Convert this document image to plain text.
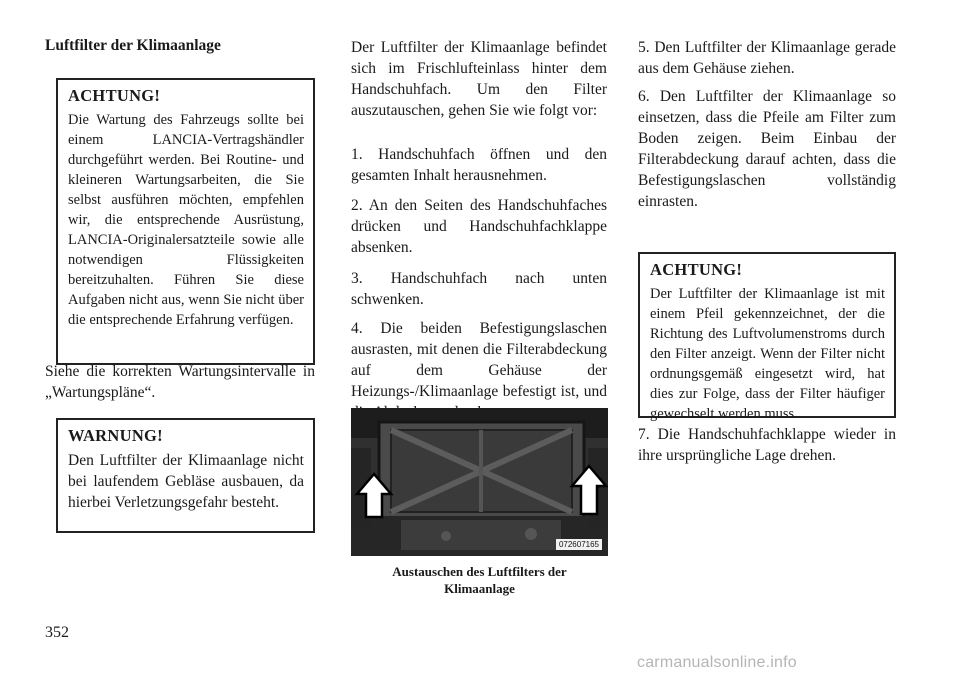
Luftfilter der Klimaanlage
ACHTUNG!

Die Wartung des Fahrzeugs sollte bei einem LANCIA-Vertragshändler durchgeführt werden. Bei Routine- und kleineren Wartungsarbeiten, die Sie selbst ausführen möchten, empfehlen wir, die entsprechende Ausrüstung, LANCIA-Originalersatzteile sowie alle notwendigen Flüssigkeiten bereitzuhalten. Führen Sie diese Aufgaben nicht aus, wenn Sie nicht über die entsprechende Erfahrung verfügen.

Siehe die korrekten Wartungsintervalle in „Wartungspläne“.

WARNUNG!

Den Luftfilter der Klimaanlage nicht bei laufendem Gebläse ausbauen, da hierbei Verletzungsgefahr besteht.

Der Luftfilter der Klimaanlage befindet sich im Frischlufteinlass hinter dem Handschuhfach. Um den Filter auszutauschen, gehen Sie wie folgt vor:

1. Handschuhfach öffnen und den gesamten Inhalt herausnehmen.

2. An den Seiten des Handschuhfaches drücken und Handschuhfachklappe absenken.

3. Handschuhfach nach unten schwenken.

4. Die beiden Befestigungslaschen ausrasten, mit denen die Filterabdeckung auf dem Gehäuse der Heizungs-/Klimaanlage befestigt ist, und

072607165
Austauschen des Luftfilters der
Klimaanlage

5. Den Luftfilter der Klimaanlage gerade aus dem Gehäuse ziehen.

6. Den Luftfilter der Klimaanlage so einsetzen, dass die Pfeile am Filter zum Boden zeigen. Beim Einbau der Filterabdeckung darauf achten, dass die Befestigungslaschen vollständig einrasten.

ACHTUNG!

Der Luftfilter der Klimaanlage ist mit einem Pfeil gekennzeichnet, der die Richtung des Luftvolumenstroms durch den Filter anzeigt. Wenn der Filter nicht ordnungsgemäß eingesetzt wird, hat dies zur Folge, dass der Filter häufiger gewechselt werden muss.

7. Die Handschuhfachklappe wieder in ihre ursprüngliche Lage drehen.

352
carmanualsonline.info
